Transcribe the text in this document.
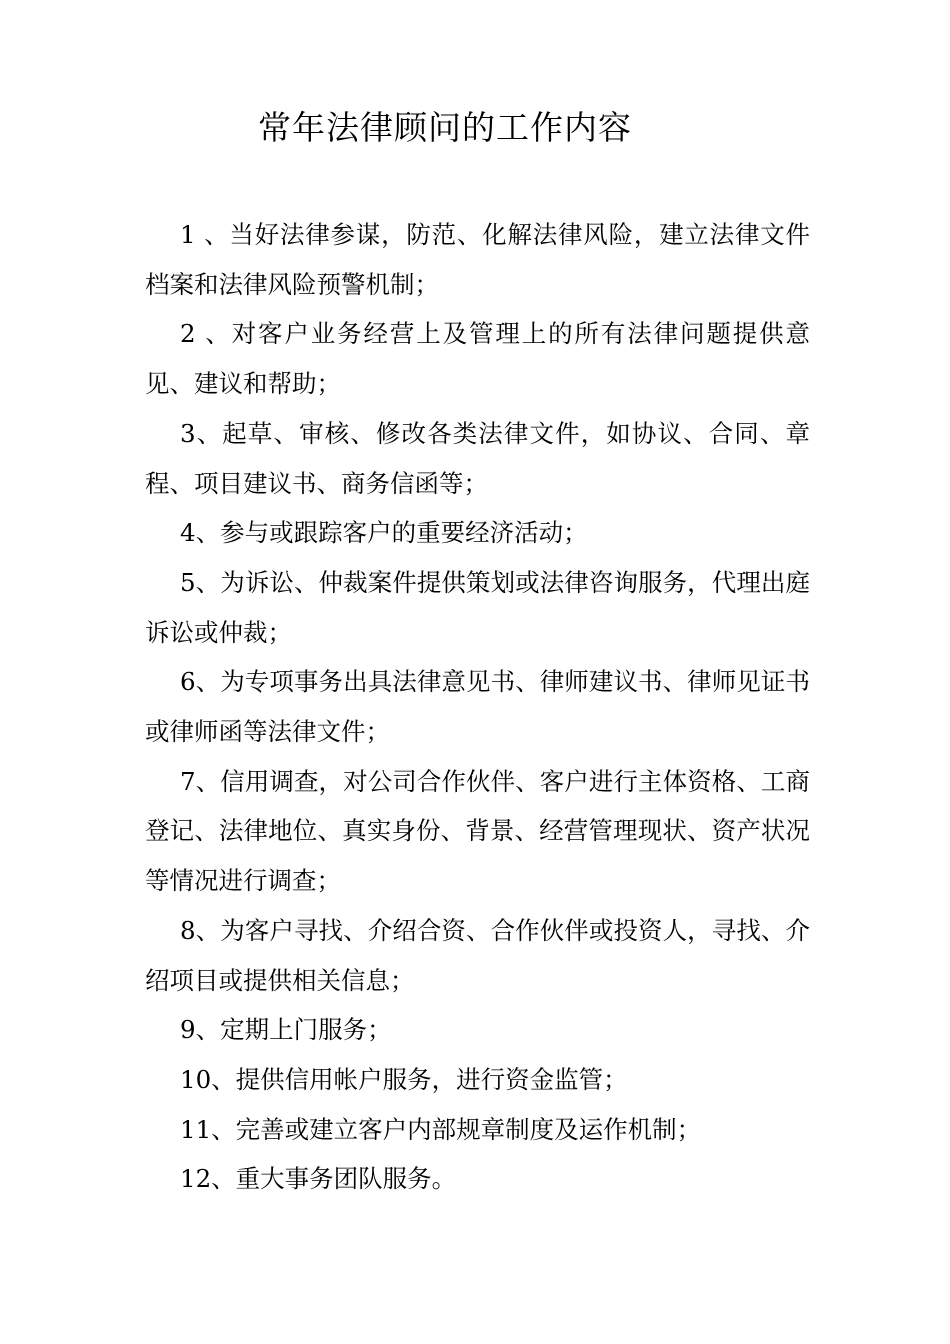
常年法律顾问的工作内容

1 、当好法律参谋，防范、化解法律风险，建立法律文件档案和法律风险预警机制；

2 、对客户业务经营上及管理上的所有法律问题提供意见、建议和帮助；

3、起草、审核、修改各类法律文件，如协议、合同、章程、项目建议书、商务信函等；

4、参与或跟踪客户的重要经济活动；

5、为诉讼、仲裁案件提供策划或法律咨询服务，代理出庭诉讼或仲裁；

6、为专项事务出具法律意见书、律师建议书、律师见证书或律师函等法律文件；

7、信用调查，对公司合作伙伴、客户进行主体资格、工商登记、法律地位、真实身份、背景、经营管理现状、资产状况等情况进行调查；

8、为客户寻找、介绍合资、合作伙伴或投资人，寻找、介绍项目或提供相关信息；

9、定期上门服务；

10、提供信用帐户服务，进行资金监管；

11、完善或建立客户内部规章制度及运作机制；

12、重大事务团队服务。
